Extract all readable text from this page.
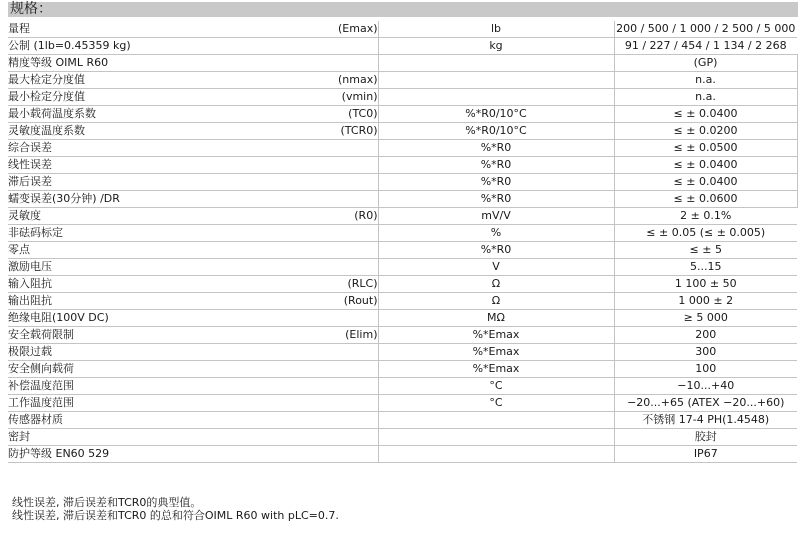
规格：
量程	(Emax)	lb	200 / 500 / 1 000 / 2 500 / 5 000	
公制 (1lb=0.45359 kg)		kg	91 / 227 / 454 / 1 134 / 2 268	
精度等级 OIML R60			(GP)	
最大检定分度值	(nmax)		n.a.	
最小检定分度值	(vmin)		n.a.	
最小载荷温度系数	(TC0)	%*R0/10°C	≤ ± 0.0400	
灵敏度温度系数	(TCR0)	%*R0/10°C	≤ ± 0.0200	
综合误差		%*R0	≤ ± 0.0500	
线性误差		%*R0	≤ ± 0.0400	
滞后误差		%*R0	≤ ± 0.0400	
蠕变误差(30分钟) /DR		%*R0	≤ ± 0.0600	
灵敏度	(R0)	mV/V	2 ± 0.1%	
非砝码标定		%	≤ ± 0.05 (≤ ± 0.005)	
零点		%*R0	≤ ± 5	
激励电压		V	5...15	
输入阻抗	(RLC)	Ω	1 100 ± 50	
输出阻抗	(Rout)	Ω	1 000 ± 2	
绝缘电阻(100V DC)		MΩ	≥ 5 000	
安全载荷限制	(Elim)	%*Emax	200	
极限过载		%*Emax	300	
安全侧向载荷		%*Emax	100	
补偿温度范围		°C	−10...+40	
工作温度范围		°C	−20...+65 (ATEX −20...+60)	
传感器材质			不锈钢 17-4 PH(1.4548)	
密封			胶封	
防护等级 EN60 529			IP67	
线性误差, 滞后误差和TCR0的典型值。
线性误差, 滞后误差和TCR0 的总和符合OIML R60 with pLC=0.7.
